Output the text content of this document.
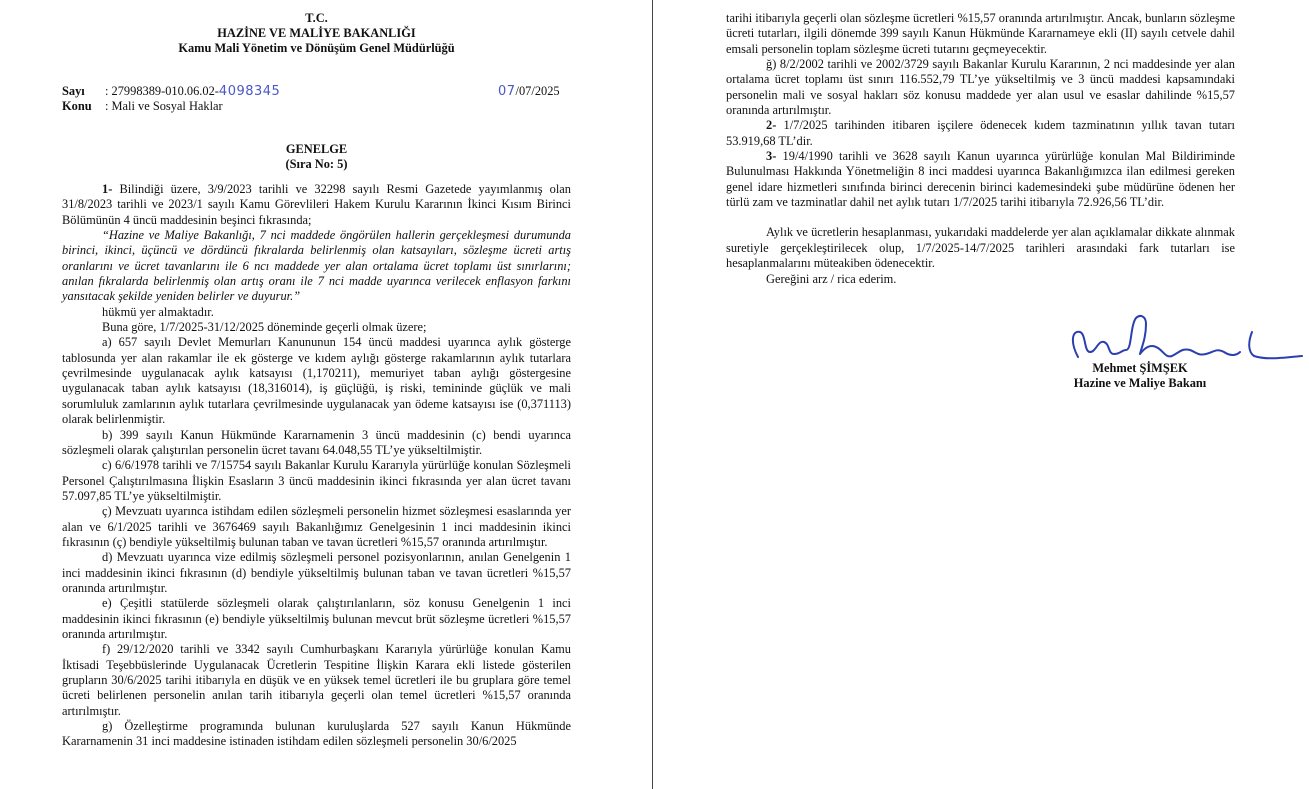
T.C.
HAZİNE VE MALİYE BAKANLIĞI
Kamu Mali Yönetim ve Dönüşüm Genel Müdürlüğü
Sayı : 27998389-010.06.02-4098345	07/07/2025
Konu : Mali ve Sosyal Haklar
GENELGE
(Sıra No: 5)
1- Bilindiği üzere, 3/9/2023 tarihli ve 32298 sayılı Resmi Gazetede yayımlanmış olan 31/8/2023 tarihli ve 2023/1 sayılı Kamu Görevlileri Hakem Kurulu Kararının İkinci Kısım Birinci Bölümünün 4 üncü maddesinin beşinci fıkrasında;
“Hazine ve Maliye Bakanlığı, 7 nci maddede öngörülen hallerin gerçekleşmesi durumunda birinci, ikinci, üçüncü ve dördüncü fıkralarda belirlenmiş olan katsayıları, sözleşme ücreti artış oranlarını ve ücret tavanlarını ile 6 ncı maddede yer alan ortalama ücret toplamı üst sınırlarını; anılan fıkralarda belirlenmiş olan artış oranı ile 7 nci madde uyarınca verilecek enflasyon farkını yansıtacak şekilde yeniden belirler ve duyurur.”
hükmü yer almaktadır.
Buna göre, 1/7/2025-31/12/2025 döneminde geçerli olmak üzere;
a) 657 sayılı Devlet Memurları Kanununun 154 üncü maddesi uyarınca aylık gösterge tablosunda yer alan rakamlar ile ek gösterge ve kıdem aylığı gösterge rakamlarının aylık tutarlara çevrilmesinde uygulanacak aylık katsayısı (1,170211), memuriyet taban aylığı göstergesine uygulanacak taban aylık katsayısı (18,316014), iş güçlüğü, iş riski, temininde güçlük ve mali sorumluluk zamlarının aylık tutarlara çevrilmesinde uygulanacak yan ödeme katsayısı ise (0,371113) olarak belirlenmiştir.
b) 399 sayılı Kanun Hükmünde Kararnamenin 3 üncü maddesinin (c) bendi uyarınca sözleşmeli olarak çalıştırılan personelin ücret tavanı 64.048,55 TL’ye yükseltilmiştir.
c) 6/6/1978 tarihli ve 7/15754 sayılı Bakanlar Kurulu Kararıyla yürürlüğe konulan Sözleşmeli Personel Çalıştırılmasına İlişkin Esasların 3 üncü maddesinin ikinci fıkrasında yer alan ücret tavanı 57.097,85 TL’ye yükseltilmiştir.
ç) Mevzuatı uyarınca istihdam edilen sözleşmeli personelin hizmet sözleşmesi esaslarında yer alan ve 6/1/2025 tarihli ve 3676469 sayılı Bakanlığımız Genelgesinin 1 inci maddesinin ikinci fıkrasının (ç) bendiyle yükseltilmiş bulunan taban ve tavan ücretleri %15,57 oranında artırılmıştır.
d) Mevzuatı uyarınca vize edilmiş sözleşmeli personel pozisyonlarının, anılan Genelgenin 1 inci maddesinin ikinci fıkrasının (d) bendiyle yükseltilmiş bulunan taban ve tavan ücretleri %15,57 oranında artırılmıştır.
e) Çeşitli statülerde sözleşmeli olarak çalıştırılanların, söz konusu Genelgenin 1 inci maddesinin ikinci fıkrasının (e) bendiyle yükseltilmiş bulunan mevcut brüt sözleşme ücretleri %15,57 oranında artırılmıştır.
f) 29/12/2020 tarihli ve 3342 sayılı Cumhurbaşkanı Kararıyla yürürlüğe konulan Kamu İktisadi Teşebbüslerinde Uygulanacak Ücretlerin Tespitine İlişkin Karara ekli listede gösterilen grupların 30/6/2025 tarihi itibarıyla en düşük ve en yüksek temel ücretleri ile bu gruplara göre temel ücreti belirlenen personelin anılan tarih itibarıyla geçerli olan temel ücretleri %15,57 oranında artırılmıştır.
g) Özelleştirme programında bulunan kuruluşlarda 527 sayılı Kanun Hükmünde Kararnamenin 31 inci maddesine istinaden istihdam edilen sözleşmeli personelin 30/6/2025
tarihi itibarıyla geçerli olan sözleşme ücretleri %15,57 oranında artırılmıştır. Ancak, bunların sözleşme ücreti tutarları, ilgili dönemde 399 sayılı Kanun Hükmünde Kararnameye ekli (II) sayılı cetvele dahil emsali personelin toplam sözleşme ücreti tutarını geçmeyecektir.
ğ) 8/2/2002 tarihli ve 2002/3729 sayılı Bakanlar Kurulu Kararının, 2 nci maddesinde yer alan ortalama ücret toplamı üst sınırı 116.552,79 TL’ye yükseltilmiş ve 3 üncü maddesi kapsamındaki personelin mali ve sosyal hakları söz konusu maddede yer alan usul ve esaslar dahilinde %15,57 oranında artırılmıştır.
2- 1/7/2025 tarihinden itibaren işçilere ödenecek kıdem tazminatının yıllık tavan tutarı 53.919,68 TL’dir.
3- 19/4/1990 tarihli ve 3628 sayılı Kanun uyarınca yürürlüğe konulan Mal Bildiriminde Bulunulması Hakkında Yönetmeliğin 8 inci maddesi uyarınca Bakanlığımızca ilan edilmesi gereken genel idare hizmetleri sınıfında birinci derecenin birinci kademesindeki şube müdürüne ödenen her türlü zam ve tazminatlar dahil net aylık tutarı 1/7/2025 tarihi itibarıyla 72.926,56 TL’dir.
Aylık ve ücretlerin hesaplanması, yukarıdaki maddelerde yer alan açıklamalar dikkate alınmak suretiyle gerçekleştirilecek olup, 1/7/2025-14/7/2025 tarihleri arasındaki fark tutarları ise hesaplanmalarını müteakiben ödenecektir.
Gereğini arz / rica ederim.
Mehmet ŞİMŞEK
Hazine ve Maliye Bakanı
